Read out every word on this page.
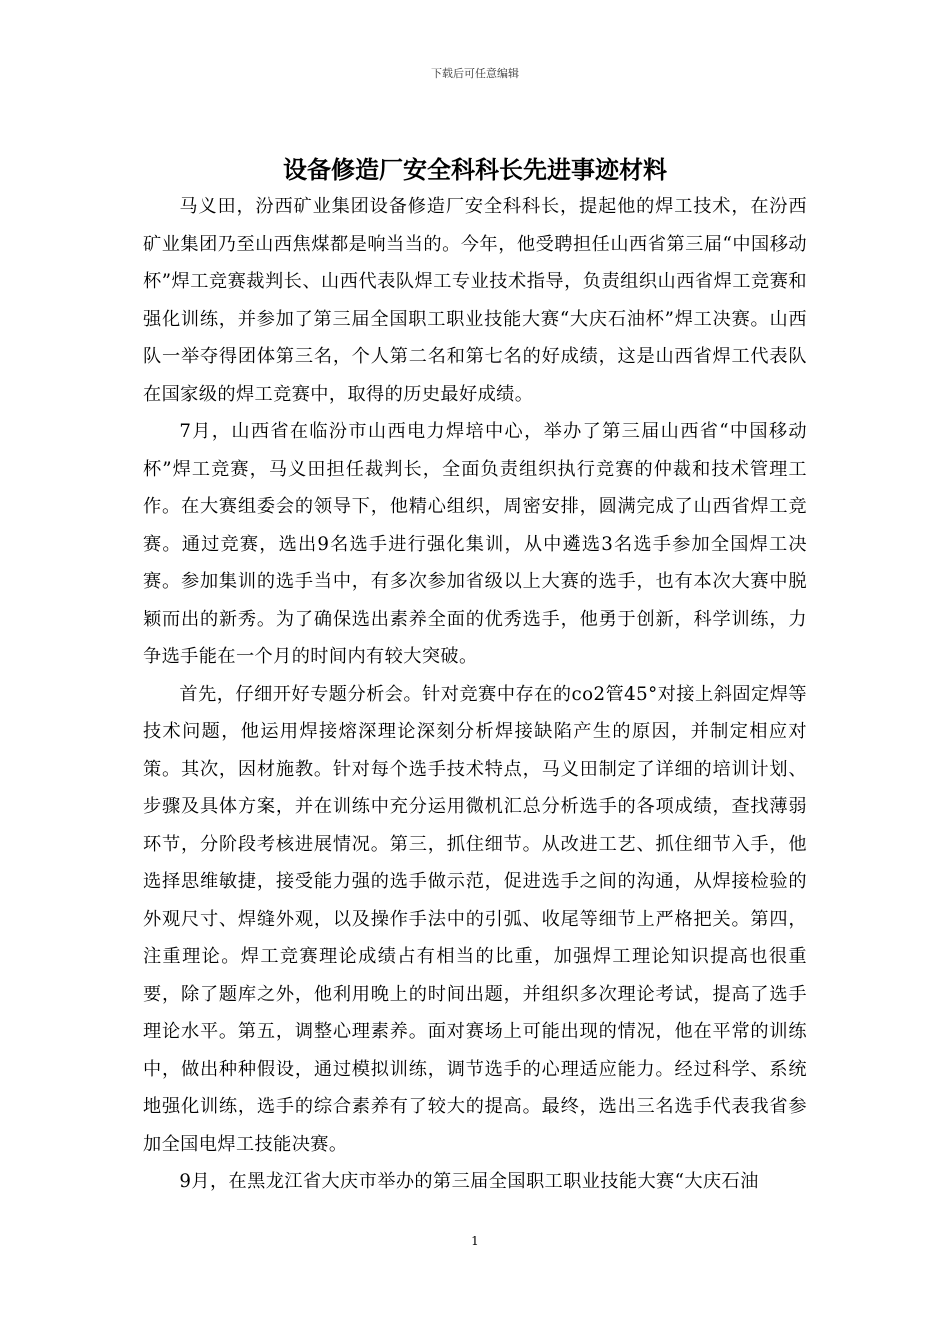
下载后可任意编辑
设备修造厂安全科科长先进事迹材料

马义田，汾西矿业集团设备修造厂安全科科长，提起他的焊工技术，在汾西矿业集团乃至山西焦煤都是响当当的。今年，他受聘担任山西省第三届“中国移动杯”焊工竞赛裁判长、山西代表队焊工专业技术指导，负责组织山西省焊工竞赛和强化训练，并参加了第三届全国职工职业技能大赛“大庆石油杯”焊工决赛。山西队一举夺得团体第三名，个人第二名和第七名的好成绩，这是山西省焊工代表队在国家级的焊工竞赛中，取得的历史最好成绩。

7月，山西省在临汾市山西电力焊培中心，举办了第三届山西省“中国移动杯”焊工竞赛，马义田担任裁判长，全面负责组织执行竞赛的仲裁和技术管理工作。在大赛组委会的领导下，他精心组织，周密安排，圆满完成了山西省焊工竞赛。通过竞赛，选出9名选手进行强化集训，从中遴选3名选手参加全国焊工决赛。参加集训的选手当中，有多次参加省级以上大赛的选手，也有本次大赛中脱颖而出的新秀。为了确保选出素养全面的优秀选手，他勇于创新，科学训练，力争选手能在一个月的时间内有较大突破。

首先，仔细开好专题分析会。针对竞赛中存在的co2管45°对接上斜固定焊等技术问题，他运用焊接熔深理论深刻分析焊接缺陷产生的原因，并制定相应对策。其次，因材施教。针对每个选手技术特点，马义田制定了详细的培训计划、步骤及具体方案，并在训练中充分运用微机汇总分析选手的各项成绩，查找薄弱环节，分阶段考核进展情况。第三，抓住细节。从改进工艺、抓住细节入手，他选择思维敏捷，接受能力强的选手做示范，促进选手之间的沟通，从焊接检验的外观尺寸、焊缝外观，以及操作手法中的引弧、收尾等细节上严格把关。第四，注重理论。焊工竞赛理论成绩占有相当的比重，加强焊工理论知识提高也很重要，除了题库之外，他利用晚上的时间出题，并组织多次理论考试，提高了选手理论水平。第五，调整心理素养。面对赛场上可能出现的情况，他在平常的训练中，做出种种假设，通过模拟训练，调节选手的心理适应能力。经过科学、系统地强化训练，选手的综合素养有了较大的提高。最终，选出三名选手代表我省参加全国电焊工技能决赛。

9月，在黑龙江省大庆市举办的第三届全国职工职业技能大赛“大庆石油

1
